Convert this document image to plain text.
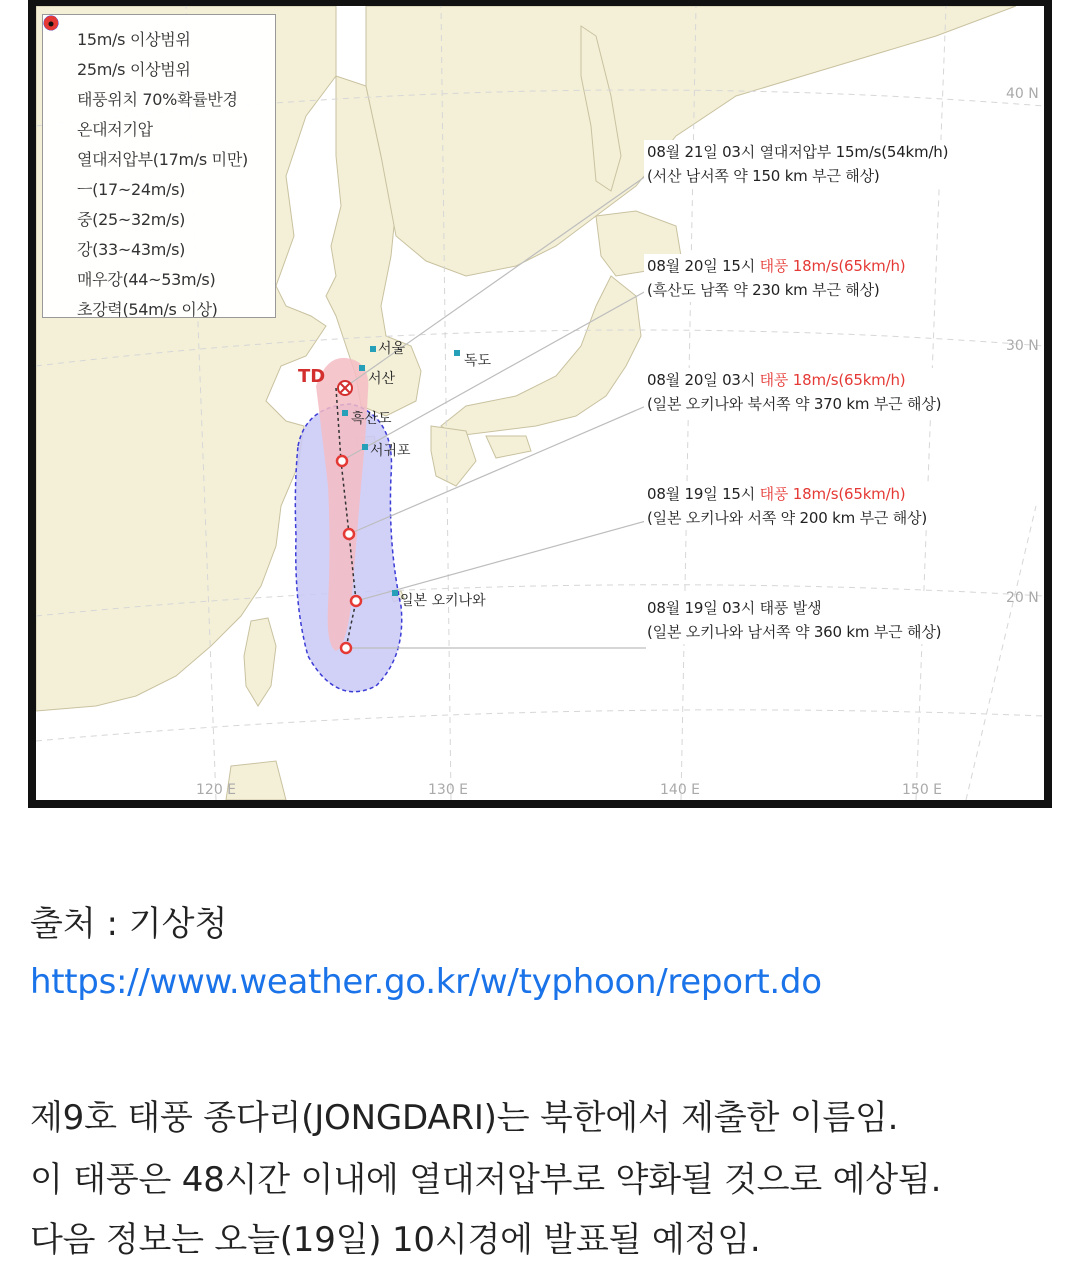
15m/s 이상범위
25m/s 이상범위
태풍위치 70%확률반경
온대저기압
열대저압부(17m/s 미만)
ㅡ(17~24m/s)
중(25~32m/s)
강(33~43m/s)
매우강(44~53m/s)
초강력(54m/s 이상)
TD
서울
독도
서산
흑산도
서귀포
일본 오키나와
08월 21일 03시 열대저압부 15m/s(54km/h)
(서산 남서쪽 약 150 km 부근 해상)
08월 20일 15시 태풍 18m/s(65km/h)
(흑산도 남쪽 약 230 km 부근 해상)
08월 20일 03시 태풍 18m/s(65km/h)
(일본 오키나와 북서쪽 약 370 km 부근 해상)
08월 19일 15시 태풍 18m/s(65km/h)
(일본 오키나와 서쪽 약 200 km 부근 해상)
08월 19일 03시 태풍 발생
(일본 오키나와 남서쪽 약 360 km 부근 해상)
120 E	130 E	140 E	150 E
40 N
30 N
20 N
출처 : 기상청
https://www.weather.go.kr/w/typhoon/report.do
제9호 태풍 종다리(JONGDARI)는 북한에서 제출한 이름임.
이 태풍은 48시간 이내에 열대저압부로 약화될 것으로 예상됨.
다음 정보는 오늘(19일) 10시경에 발표될 예정임.
